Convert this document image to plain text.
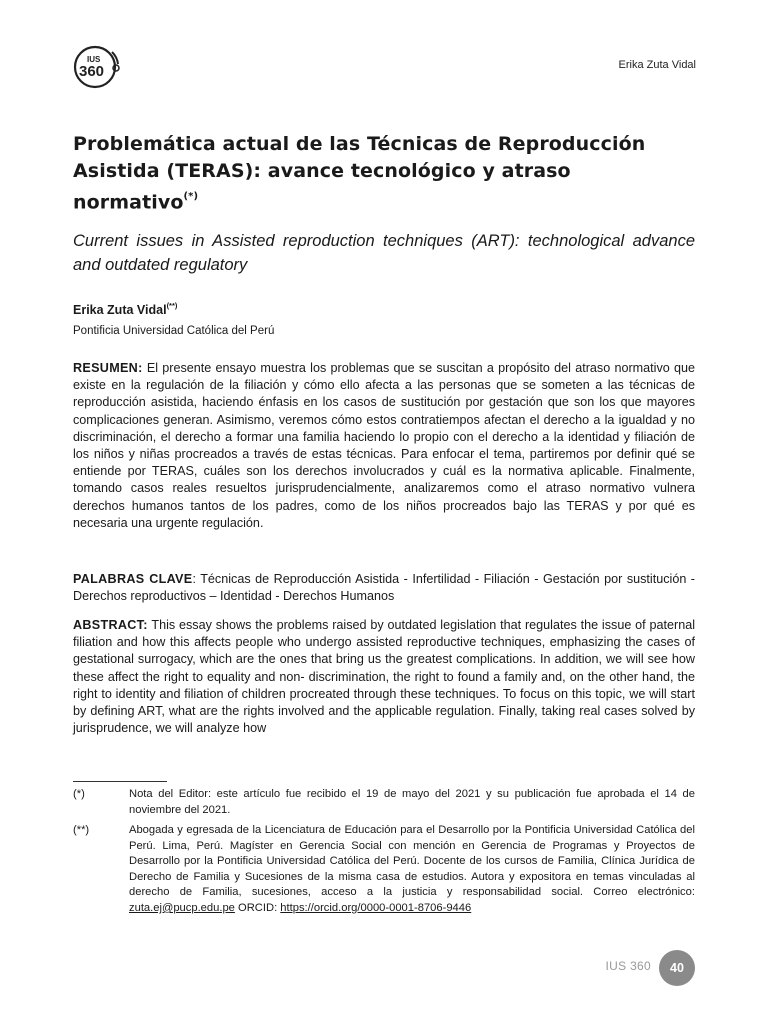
IUS
360	Erika Zuta Vidal
Problemática actual de las Técnicas de Reproducción Asistida (TERAS): avance tecnológico y atraso normativo(*)

Current issues in Assisted reproduction techniques (ART): technological advance and outdated regulatory

Erika Zuta Vidal(**)
Pontificia Universidad Católica del Perú

RESUMEN: El presente ensayo muestra los problemas que se suscitan a propósito del atraso normativo que existe en la regulación de la filiación y cómo ello afecta a las personas que se someten a las técnicas de reproducción asistida, haciendo énfasis en los casos de sustitución por gestación que son los que mayores complicaciones generan. Asimismo, veremos cómo estos contratiempos afectan el derecho a la igualdad y no discriminación, el derecho a formar una familia haciendo lo propio con el derecho a la identidad y filiación de los niños y niñas procreados a través de estas técnicas. Para enfocar el tema, partiremos por definir qué se entiende por TERAS, cuáles son los derechos involucrados y cuál es la normativa aplicable. Finalmente, tomando casos reales resueltos jurisprudencialmente, analizaremos como el atraso normativo vulnera derechos humanos tantos de los padres, como de los niños procreados bajo las TERAS y por qué es necesaria una urgente regulación.

PALABRAS CLAVE: Técnicas de Reproducción Asistida - Infertilidad - Filiación - Gestación por sustitución - Derechos reproductivos – Identidad - Derechos Humanos

ABSTRACT: This essay shows the problems raised by outdated legislation that regulates the issue of paternal filiation and how this affects people who undergo assisted reproductive techniques, emphasizing the cases of gestational surrogacy, which are the ones that bring us the greatest complications. In addition, we will see how these affect the right to equality and non- discrimination, the right to found a family and, on the other hand, the right to identity and filiation of children procreated through these techniques. To focus on this topic, we will start by defining ART, what are the rights involved and the applicable regulation. Finally, taking real cases solved by jurisprudence, we will analyze how

(*)	Nota del Editor: este artículo fue recibido el 19 de mayo del 2021 y su publicación fue aprobada el 14 de noviembre del 2021.
(**)	Abogada y egresada de la Licenciatura de Educación para el Desarrollo por la Pontificia Universidad Católica del Perú. Lima, Perú. Magíster en Gerencia Social con mención en Gerencia de Programas y Proyectos de Desarrollo por la Pontificia Universidad Católica del Perú. Docente de los cursos de Familia, Clínica Jurídica de Derecho de Familia y Sucesiones de la misma casa de estudios. Autora y expositora en temas vinculadas al derecho de Familia, sucesiones, acceso a la justicia y responsabilidad social. Correo electrónico: zuta.ej@pucp.edu.pe ORCID: https://orcid.org/0000-0001-8706-9446
IUS 360	40
